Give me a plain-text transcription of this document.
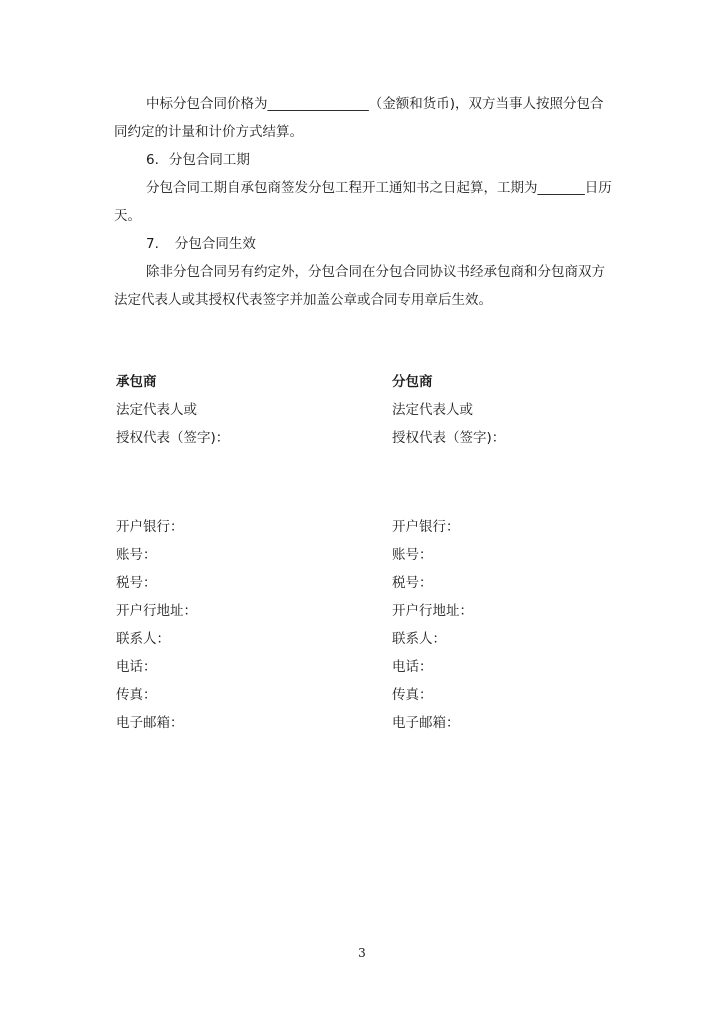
中标分包合同价格为_______________（金额和货币)，双方当事人按照分包合同约定的计量和计价方式结算。
6. 分包合同工期
分包合同工期自承包商签发分包工程开工通知书之日起算，工期为_______日历天。
7. 分包合同生效
除非分包合同另有约定外，分包合同在分包合同协议书经承包商和分包商双方法定代表人或其授权代表签字并加盖公章或合同专用章后生效。
承包商
法定代表人或
授权代表（签字)：
开户银行：
账号：
税号：
开户行地址：
联系人：
电话：
传真：
电子邮箱：
分包商
法定代表人或
授权代表（签字)：
开户银行：
账号：
税号：
开户行地址：
联系人：
电话：
传真：
电子邮箱：
3
